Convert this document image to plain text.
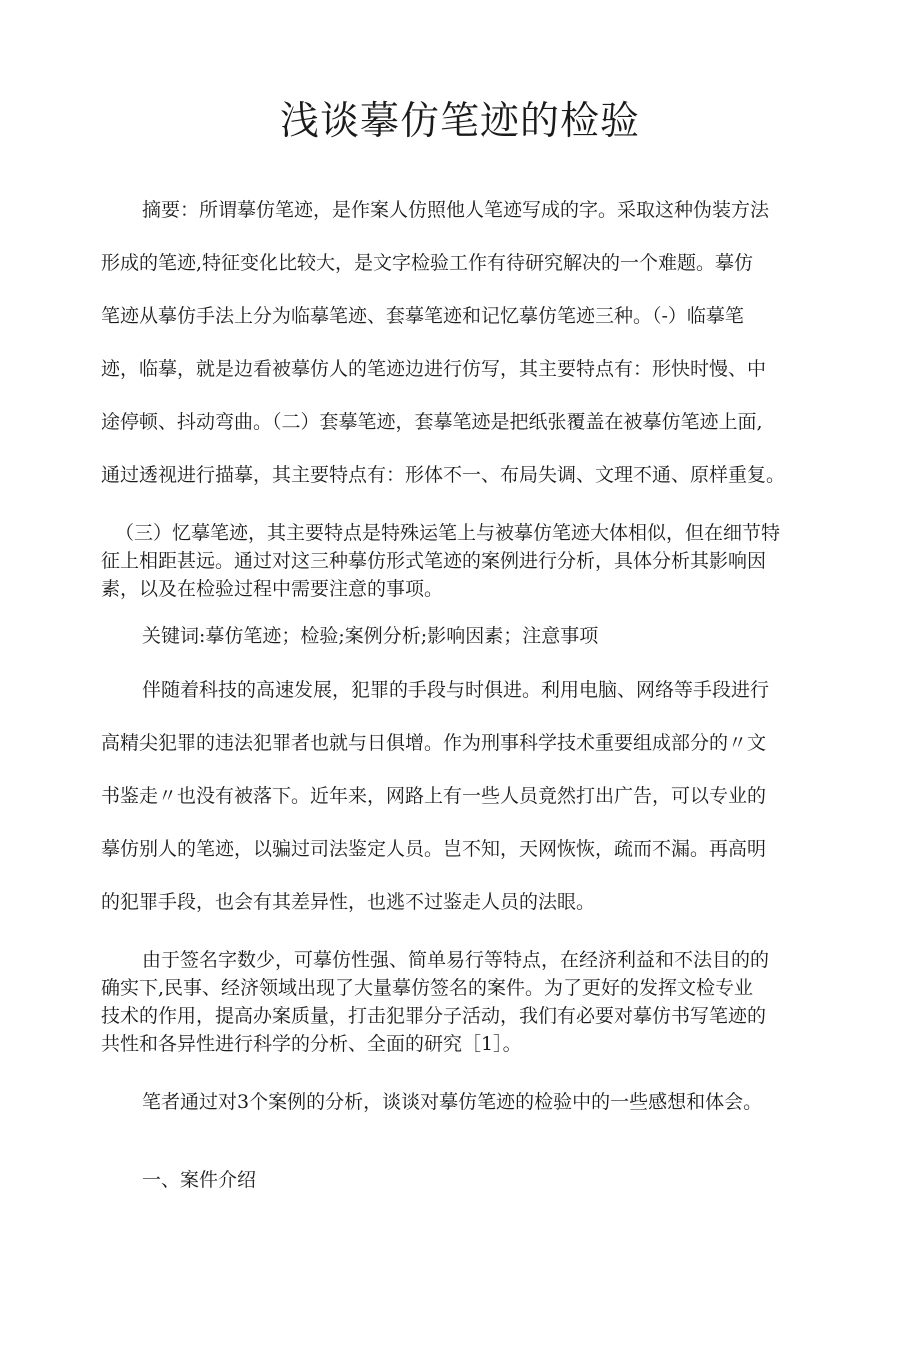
浅谈摹仿笔迹的检验

摘要：所谓摹仿笔迹，是作案人仿照他人笔迹写成的字。采取这种伪装方法

形成的笔迹,特征变化比较大，是文字检验工作有待研究解决的一个难题。摹仿

笔迹从摹仿手法上分为临摹笔迹、套摹笔迹和记忆摹仿笔迹三种。（-）临摹笔

迹，临摹，就是边看被摹仿人的笔迹边进行仿写，其主要特点有：形快时慢、中

途停顿、抖动弯曲。（二）套摹笔迹，套摹笔迹是把纸张覆盖在被摹仿笔迹上面,

通过透视进行描摹，其主要特点有：形体不一、布局失调、文理不通、原样重复。

（三）忆摹笔迹，其主要特点是特殊运笔上与被摹仿笔迹大体相似，但在细节特

征上相距甚远。通过对这三种摹仿形式笔迹的案例进行分析，具体分析其影响因

素，以及在检验过程中需要注意的事项。

关键词:摹仿笔迹；检验;案例分析;影响因素；注意事项

伴随着科技的高速发展，犯罪的手段与时俱进。利用电脑、网络等手段进行

高精尖犯罪的违法犯罪者也就与日俱增。作为刑事科学技术重要组成部分的〃文

书鉴走〃也没有被落下。近年来，网路上有一些人员竟然打出广告，可以专业的

摹仿别人的笔迹，以骗过司法鉴定人员。岂不知，天网恢恢，疏而不漏。再高明

的犯罪手段，也会有其差异性，也逃不过鉴走人员的法眼。

由于签名字数少，可摹仿性强、简单易行等特点，在经济利益和不法目的的

确实下,民事、经济领域出现了大量摹仿签名的案件。为了更好的发挥文检专业

技术的作用，提高办案质量，打击犯罪分子活动，我们有必要对摹仿书写笔迹的

共性和各异性进行科学的分析、全面的研究［1］。

笔者通过对3个案例的分析，谈谈对摹仿笔迹的检验中的一些感想和体会。

一、案件介绍
